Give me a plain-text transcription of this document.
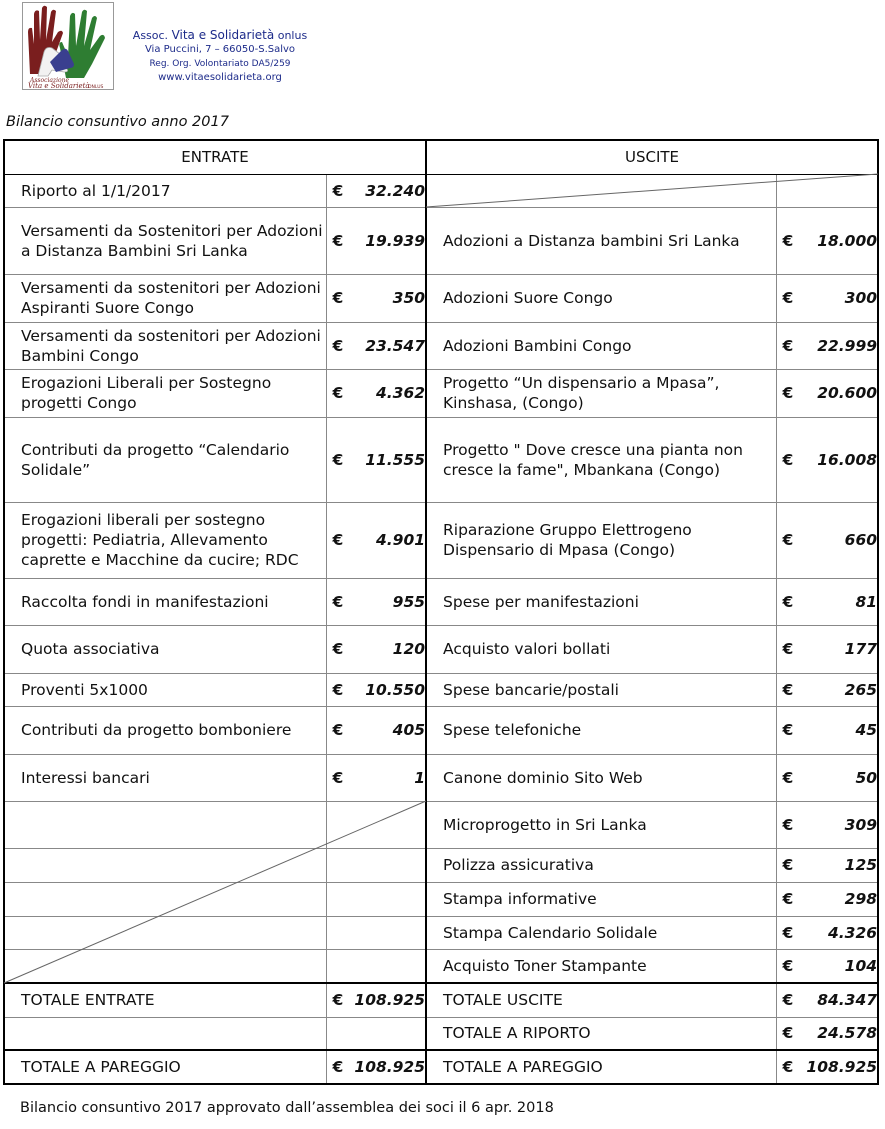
Associazione
Vita e Solidarietà
ONLUS
Assoc. Vita e Solidarietà onlus
Via Puccini, 7 – 66050-S.Salvo
Reg. Org. Volontariato DA5/259
www.vitaesolidarieta.org
Bilancio consuntivo anno 2017
ENTRATE		USCITE	
Riporto al 1/1/2017	€ 32.240		

Versamenti da Sostenitori per Adozioni a Distanza Bambini Sri Lanka	€ 19.939	Adozioni a Distanza bambini Sri Lanka	€ 18.000

Versamenti da sostenitori per Adozioni Aspiranti Suore Congo	€ 350	Adozioni Suore Congo	€ 300

Versamenti da sostenitori per Adozioni Bambini Congo	€ 23.547	Adozioni Bambini Congo	€ 22.999

Erogazioni Liberali per Sostegno progetti Congo	€ 4.362	Progetto “Un dispensario a Mpasa”, Kinshasa, (Congo)	€ 20.600

Contributi da progetto “Calendario Solidale”	€ 11.555	Progetto " Dove cresce una pianta non cresce la fame", Mbankana (Congo)	€ 16.008

Erogazioni liberali per sostegno progetti: Pediatria, Allevamento caprette e Macchine da cucire; RDC	€ 4.901	Riparazione Gruppo Elettrogeno Dispensario di Mpasa (Congo)	€ 660

Raccolta fondi in manifestazioni	€ 955	Spese per manifestazioni	€ 81

Quota associativa	€ 120	Acquisto valori bollati	€ 177

Proventi 5x1000	€ 10.550	Spese bancarie/postali	€ 265

Contributi da progetto bomboniere	€ 405	Spese telefoniche	€ 45

Interessi bancari	€ 1	Canone dominio Sito Web	€ 50

		Microprogetto in Sri Lanka	€ 309

		Polizza assicurativa	€ 125

		Stampa informative	€ 298

		Stampa Calendario Solidale	€ 4.326

		Acquisto Toner Stampante	€ 104

TOTALE ENTRATE	€ 108.925	TOTALE USCITE	€ 84.347

		TOTALE A RIPORTO	€ 24.578

TOTALE A PAREGGIO	€ 108.925	TOTALE A PAREGGIO	€ 108.925
Bilancio consuntivo 2017 approvato dall’assemblea dei soci il 6 apr. 2018
